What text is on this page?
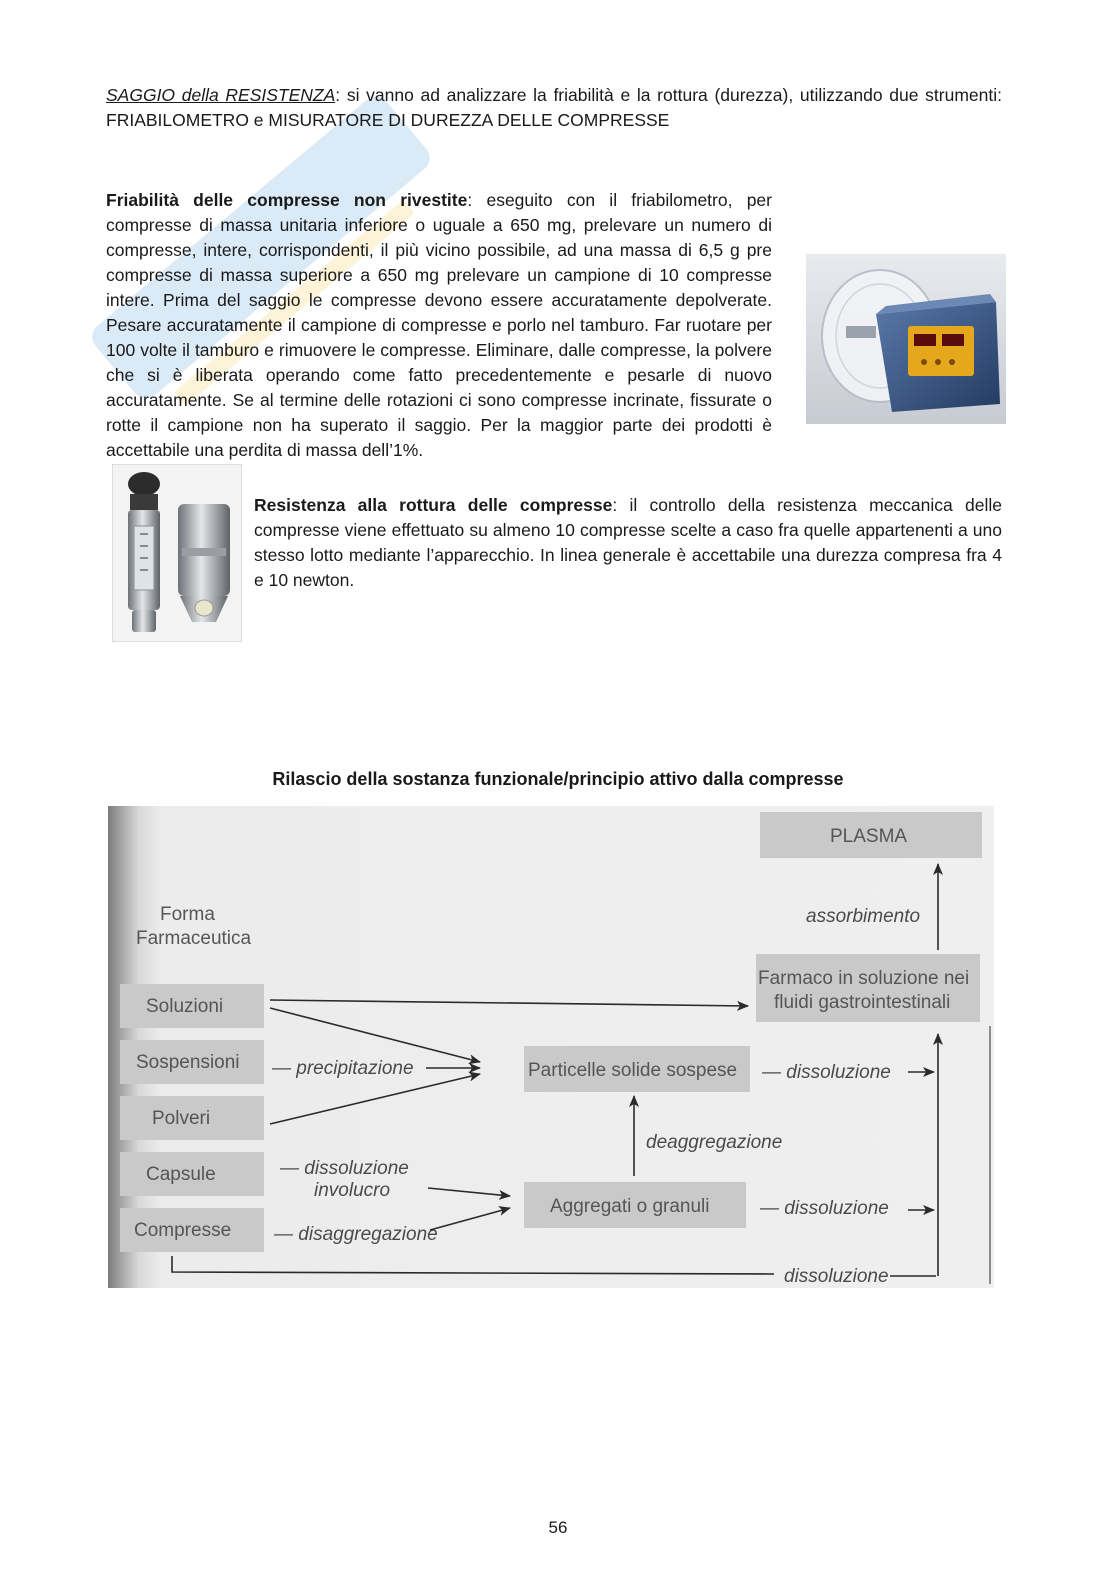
SAGGIO della RESISTENZA: si vanno ad analizzare la friabilità e la rottura (durezza), utilizzando due strumenti: FRIABILOMETRO e MISURATORE DI DUREZZA DELLE COMPRESSE

Friabilità delle compresse non rivestite: eseguito con il friabilometro, per compresse di massa unitaria inferiore o uguale a 650 mg, prelevare un numero di compresse, intere, corrispondenti, il più vicino possibile, ad una massa di 6,5 g pre compresse di massa superiore a 650 mg prelevare un campione di 10 compresse intere. Prima del saggio le compresse devono essere accuratamente depolverate. Pesare accuratamente il campione di compresse e porlo nel tamburo. Far ruotare per 100 volte il tamburo e rimuovere le compresse. Eliminare, dalle compresse, la polvere che si è liberata operando come fatto precedentemente e pesarle di nuovo accuratamente. Se al termine delle rotazioni ci sono compresse incrinate, fissurate o rotte il campione non ha superato il saggio. Per la maggior parte dei prodotti è accettabile una perdita di massa dell’1%.

Resistenza alla rottura delle compresse: il controllo della resistenza meccanica delle compresse viene effettuato su almeno 10 compresse scelte a caso fra quelle appartenenti a uno stesso lotto mediante l’apparecchio. In linea generale è accettabile una durezza compresa fra 4 e 10 newton.

Rilascio della sostanza funzionale/principio attivo dalla compresse
Forma
Farmaceutica
Soluzioni
Sospensioni
Polveri
Capsule
Compresse
Particelle solide sospese
Aggregati o granuli
Farmaco in soluzione nei
fluidi gastrointestinali
PLASMA
— precipitazione
— dissoluzione
involucro
— disaggregazione
deaggregazione
— dissoluzione
— dissoluzione
dissoluzione
assorbimento
56
